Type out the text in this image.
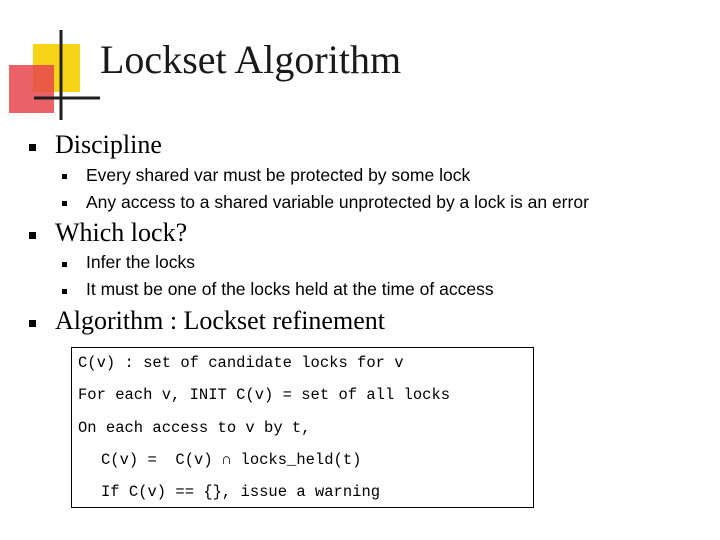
Lockset Algorithm
Discipline
Every shared var must be protected by some lock
Any access to a shared variable unprotected by a lock is an error
Which lock?
Infer the locks
It must be one of the locks held at the time of access
Algorithm : Lockset refinement
C(v) : set of candidate locks for v
For each v, INIT C(v) = set of all locks
On each access to v by t,
C(v) =  C(v) ∩ locks_held(t)
If C(v) == {}, issue a warning
